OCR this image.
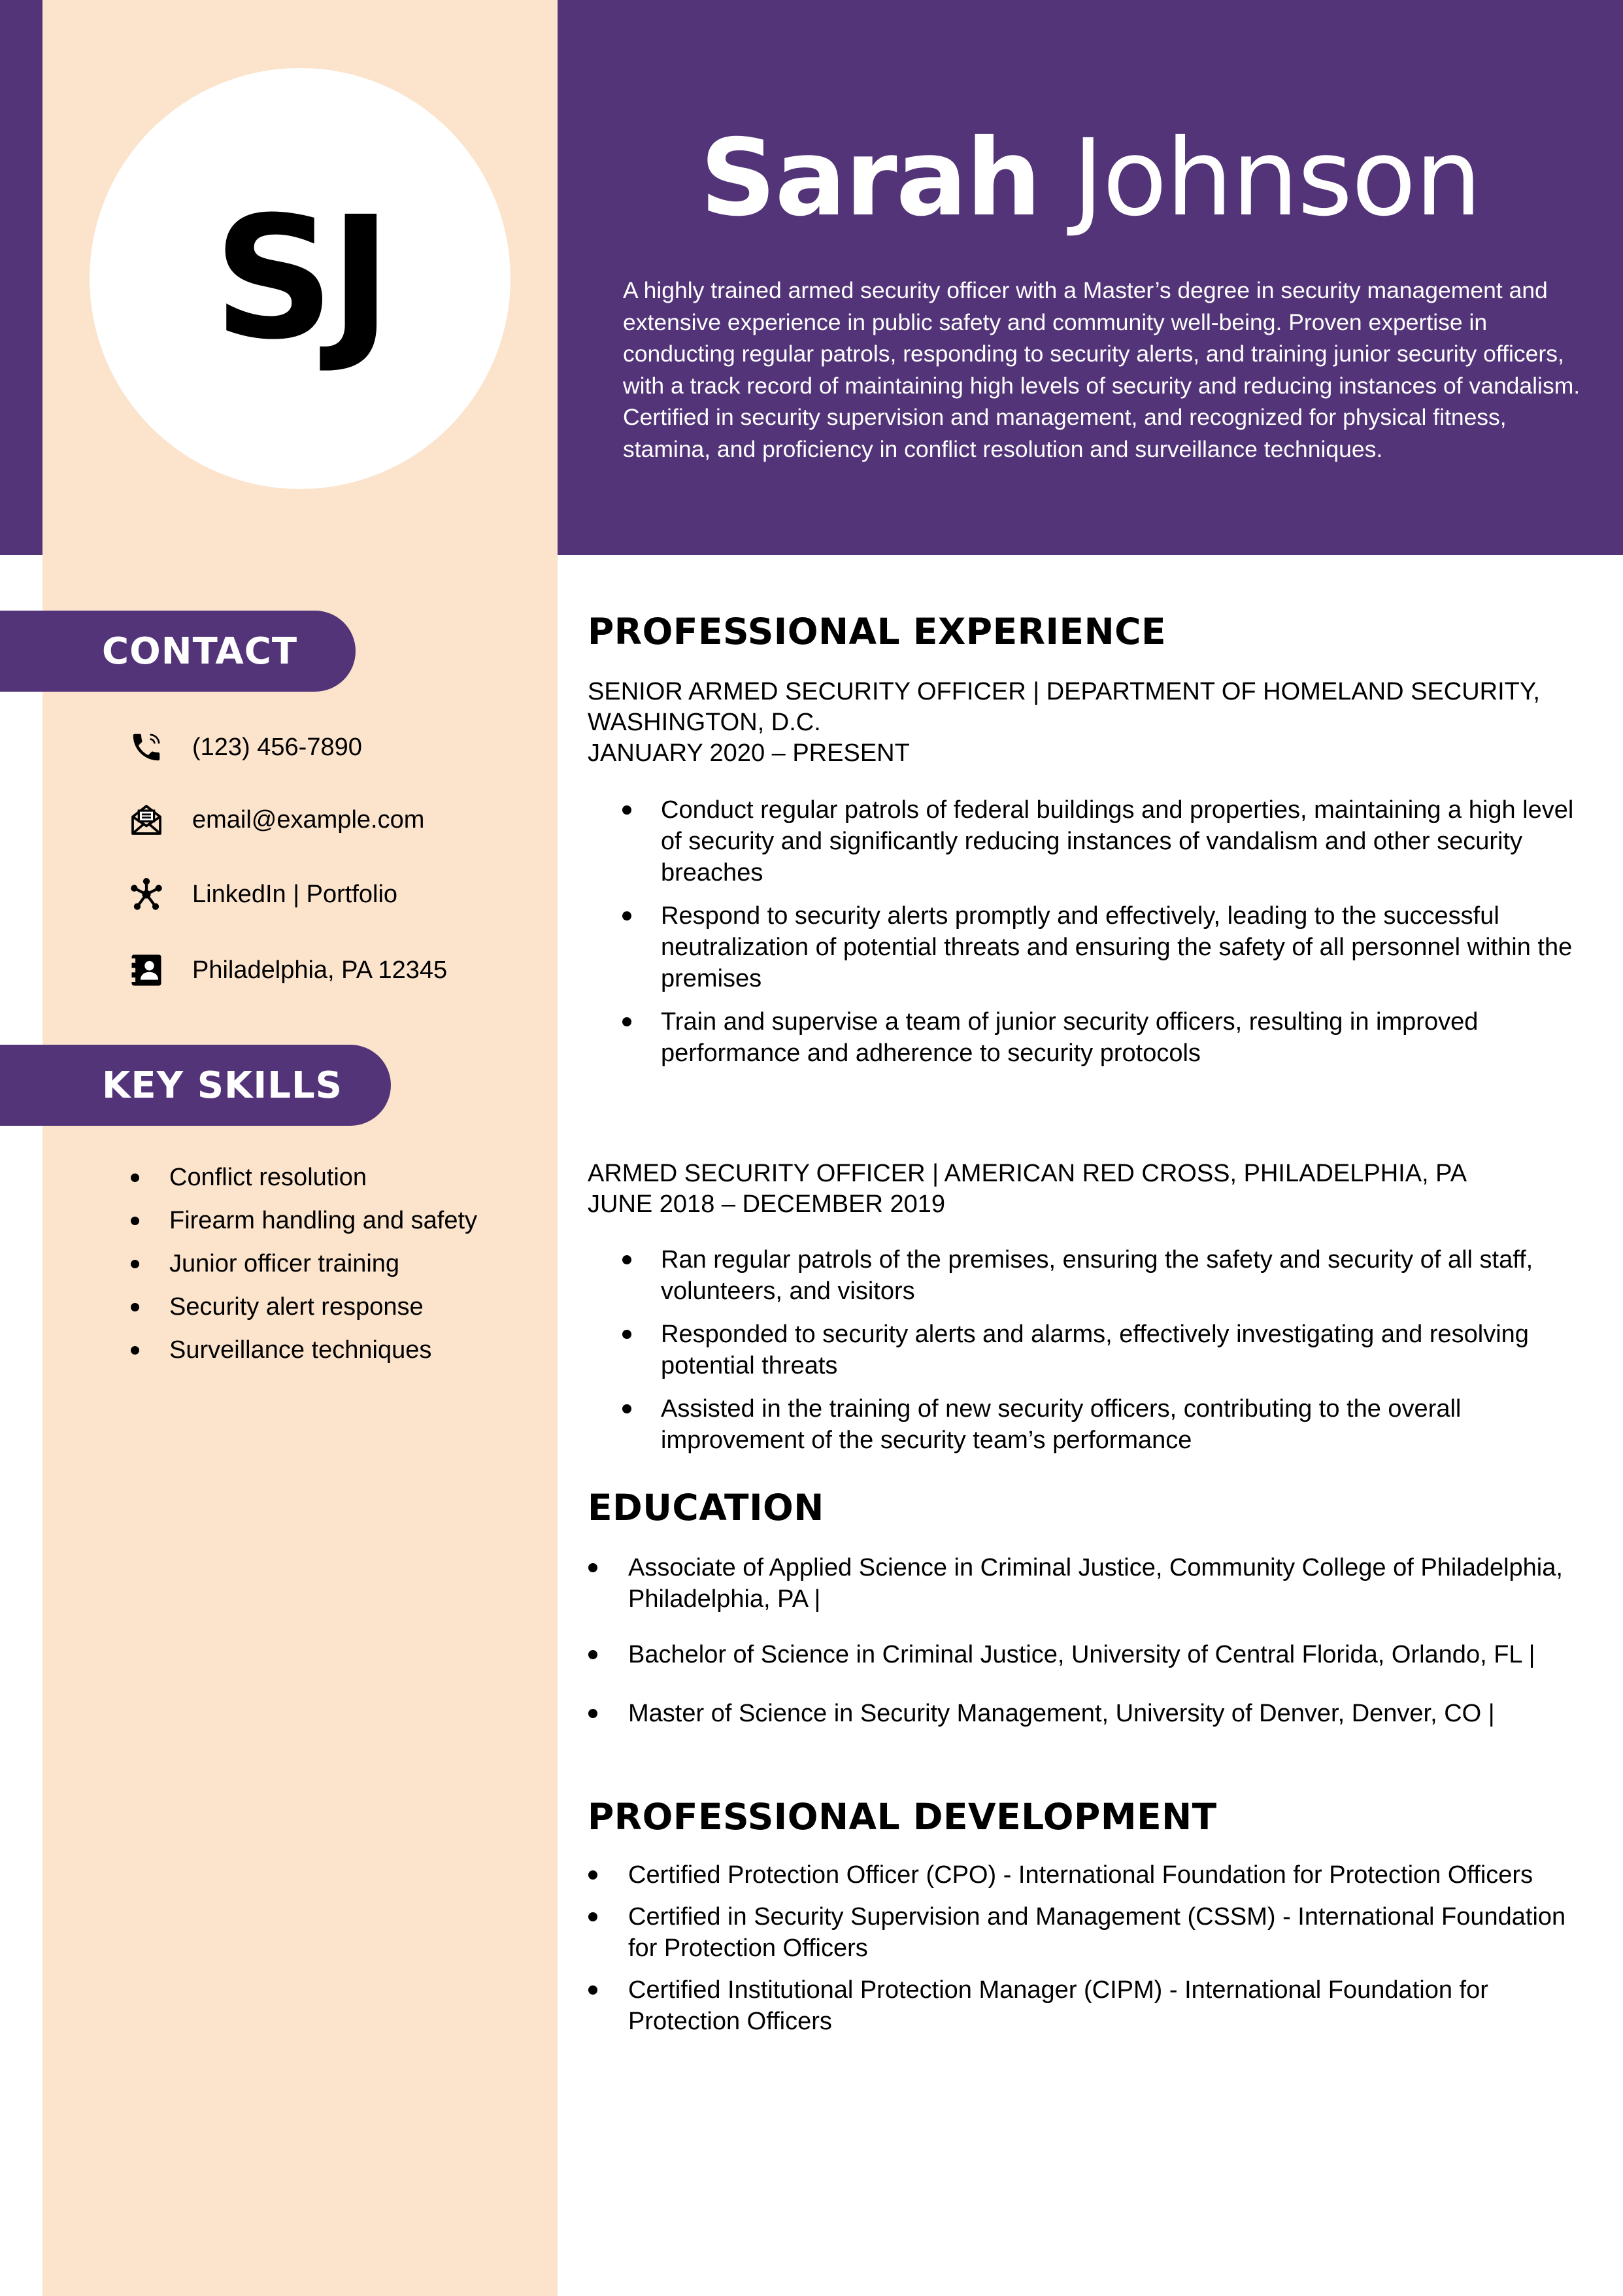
SJ
Sarah Johnson
A highly trained armed security officer with a Master’s degree in security management and extensive experience in public safety and community well-being. Proven expertise in conducting regular patrols, responding to security alerts, and training junior security officers, with a track record of maintaining high levels of security and reducing instances of vandalism. Certified in security supervision and management, and recognized for physical fitness, stamina, and proficiency in conflict resolution and surveillance techniques.
CONTACT
(123) 456-7890
email@example.com
LinkedIn | Portfolio
Philadelphia, PA 12345
KEY SKILLS
Conflict resolution
Firearm handling and safety
Junior officer training
Security alert response
Surveillance techniques
PROFESSIONAL EXPERIENCE
SENIOR ARMED SECURITY OFFICER | DEPARTMENT OF HOMELAND SECURITY, WASHINGTON, D.C.
JANUARY 2020 – PRESENT
Conduct regular patrols of federal buildings and properties, maintaining a high level of security and significantly reducing instances of vandalism and other security breaches
Respond to security alerts promptly and effectively, leading to the successful neutralization of potential threats and ensuring the safety of all personnel within the premises
Train and supervise a team of junior security officers, resulting in improved performance and adherence to security protocols
ARMED SECURITY OFFICER | AMERICAN RED CROSS, PHILADELPHIA, PA
JUNE 2018 – DECEMBER 2019
Ran regular patrols of the premises, ensuring the safety and security of all staff, volunteers, and visitors
Responded to security alerts and alarms, effectively investigating and resolving potential threats
Assisted in the training of new security officers, contributing to the overall improvement of the security team’s performance
EDUCATION
Associate of Applied Science in Criminal Justice, Community College of Philadelphia, Philadelphia, PA |
Bachelor of Science in Criminal Justice, University of Central Florida, Orlando, FL |
Master of Science in Security Management, University of Denver, Denver, CO |
PROFESSIONAL DEVELOPMENT
Certified Protection Officer (CPO) - International Foundation for Protection Officers
Certified in Security Supervision and Management (CSSM) - International Foundation for Protection Officers
Certified Institutional Protection Manager (CIPM) - International Foundation for Protection Officers
